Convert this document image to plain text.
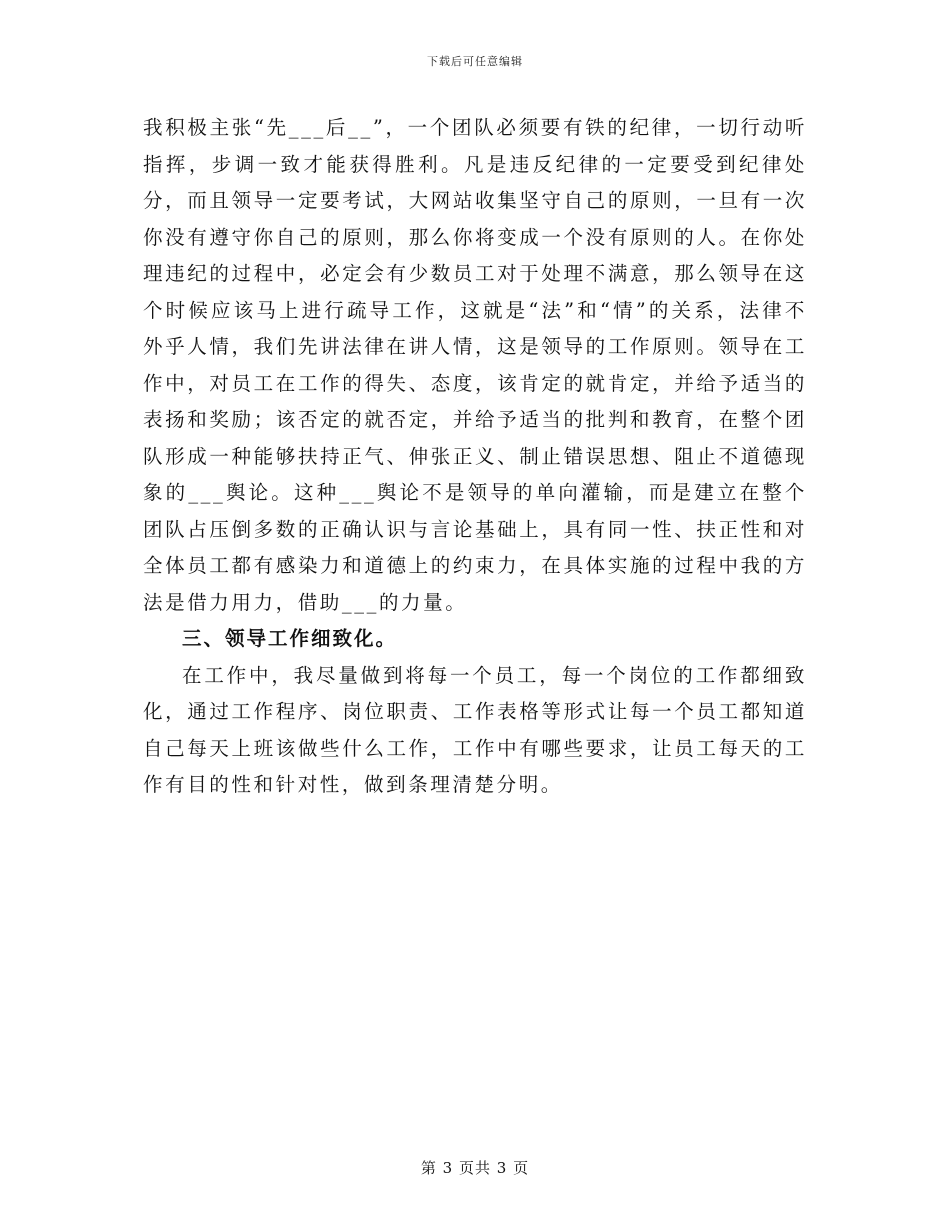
下载后可任意编辑

我积极主张“先___后__”，一个团队必须要有铁的纪律，一切行动听指挥，步调一致才能获得胜利。凡是违反纪律的一定要受到纪律处分，而且领导一定要考试，大网站收集坚守自己的原则，一旦有一次你没有遵守你自己的原则，那么你将变成一个没有原则的人。在你处理违纪的过程中，必定会有少数员工对于处理不满意，那么领导在这个时候应该马上进行疏导工作，这就是“法”和“情”的关系，法律不外乎人情，我们先讲法律在讲人情，这是领导的工作原则。领导在工作中，对员工在工作的得失、态度，该肯定的就肯定，并给予适当的表扬和奖励；该否定的就否定，并给予适当的批判和教育，在整个团队形成一种能够扶持正气、伸张正义、制止错误思想、阻止不道德现象的___舆论。这种___舆论不是领导的单向灌输，而是建立在整个团队占压倒多数的正确认识与言论基础上，具有同一性、扶正性和对全体员工都有感染力和道德上的约束力，在具体实施的过程中我的方法是借力用力，借助___的力量。

三、领导工作细致化。

在工作中，我尽量做到将每一个员工，每一个岗位的工作都细致化，通过工作程序、岗位职责、工作表格等形式让每一个员工都知道自己每天上班该做些什么工作，工作中有哪些要求，让员工每天的工作有目的性和针对性，做到条理清楚分明。

第 3 页共 3 页
